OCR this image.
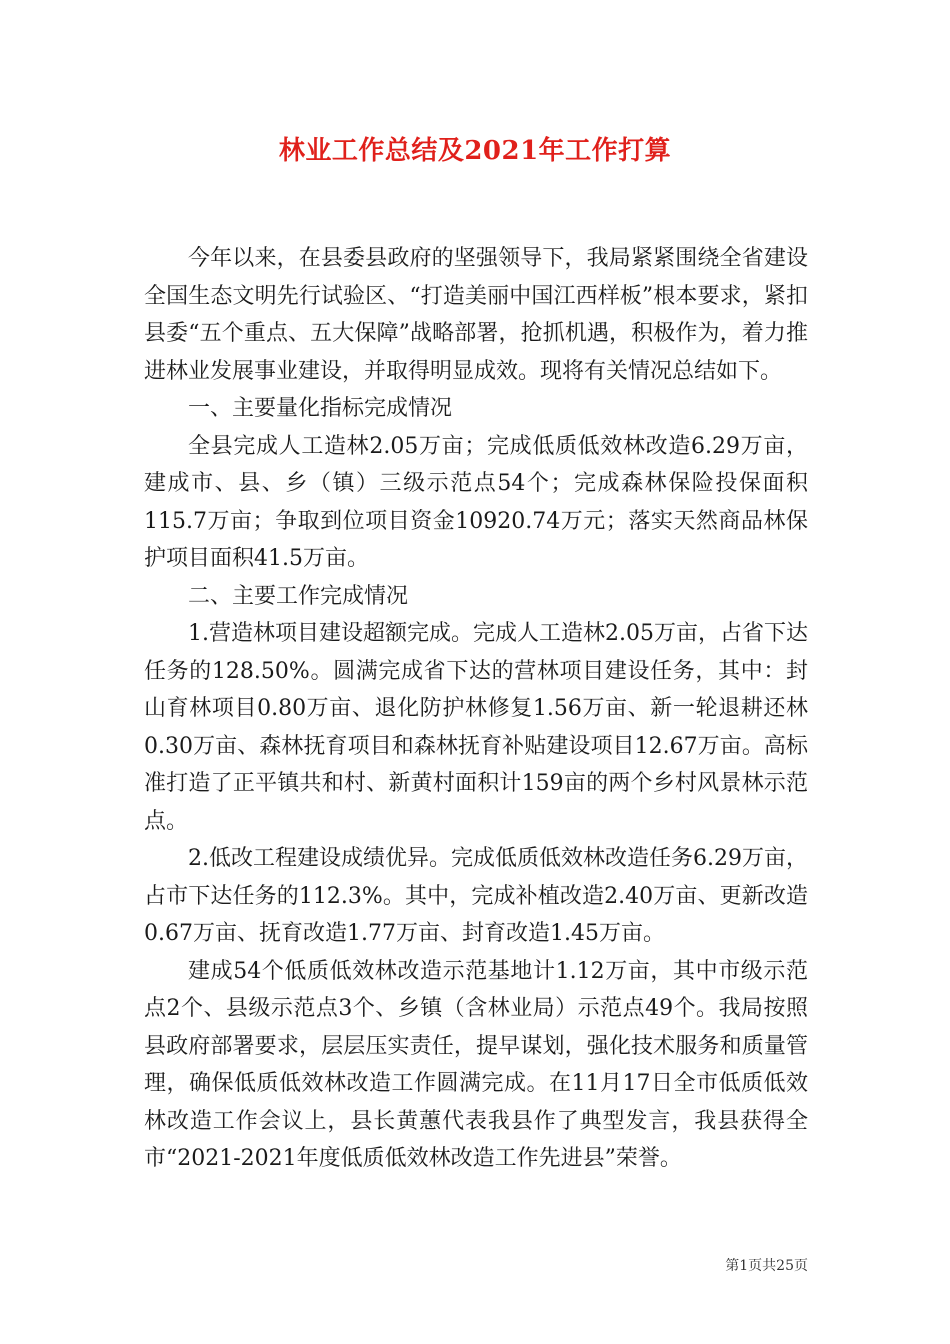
林业工作总结及2021年工作打算

今年以来，在县委县政府的坚强领导下，我局紧紧围绕全省建设全国生态文明先行试验区、“打造美丽中国江西样板”根本要求，紧扣县委“五个重点、五大保障”战略部署，抢抓机遇，积极作为，着力推进林业发展事业建设，并取得明显成效。现将有关情况总结如下。

一、主要量化指标完成情况

全县完成人工造林2.05万亩；完成低质低效林改造6.29万亩，建成市、县、乡（镇）三级示范点54个；完成森林保险投保面积115.7万亩；争取到位项目资金10920.74万元；落实天然商品林保护项目面积41.5万亩。

二、主要工作完成情况

1.营造林项目建设超额完成。完成人工造林2.05万亩，占省下达任务的128.50%。圆满完成省下达的营林项目建设任务，其中：封山育林项目0.80万亩、退化防护林修复1.56万亩、新一轮退耕还林0.30万亩、森林抚育项目和森林抚育补贴建设项目12.67万亩。高标准打造了正平镇共和村、新黄村面积计159亩的两个乡村风景林示范点。

2.低改工程建设成绩优异。完成低质低效林改造任务6.29万亩，占市下达任务的112.3%。其中，完成补植改造2.40万亩、更新改造0.67万亩、抚育改造1.77万亩、封育改造1.45万亩。

建成54个低质低效林改造示范基地计1.12万亩，其中市级示范点2个、县级示范点3个、乡镇（含林业局）示范点49个。我局按照县政府部署要求，层层压实责任，提早谋划，强化技术服务和质量管理，确保低质低效林改造工作圆满完成。在11月17日全市低质低效林改造工作会议上，县长黄蕙代表我县作了典型发言，我县获得全市“2021-2021年度低质低效林改造工作先进县”荣誉。

第1页共25页
